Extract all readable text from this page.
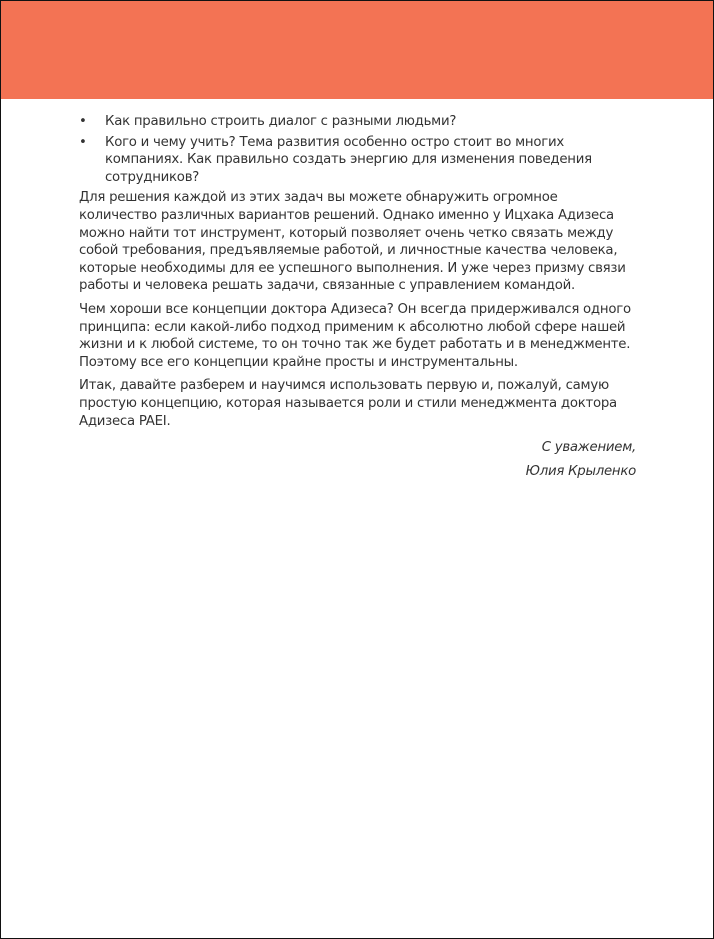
• Как правильно строить диалог с разными людьми?
• Кого и чему учить? Тема развития особенно остро стоит во многих компаниях. Как правильно создать энергию для изменения поведения сотрудников?

Для решения каждой из этих задач вы можете обнаружить огромное количество различных вариантов решений. Однако именно у Ицхака Адизеса можно найти тот инструмент, который позволяет очень четко связать между собой требования, предъявляемые работой, и личностные качества человека, которые необходимы для ее успешного выполнения. И уже через призму связи работы и человека решать задачи, связанные с управлением командой.

Чем хороши все концепции доктора Адизеса? Он всегда придерживался одного принципа: если какой-либо подход применим к абсолютно любой сфере нашей жизни и к любой системе, то он точно так же будет работать и в менеджменте. Поэтому все его концепции крайне просты и инструментальны.

Итак, давайте разберем и научимся использовать первую и, пожалуй, самую простую концепцию, которая называется роли и стили менеджмента доктора Адизеса PAEI.

С уважением,
Юлия Крыленко
